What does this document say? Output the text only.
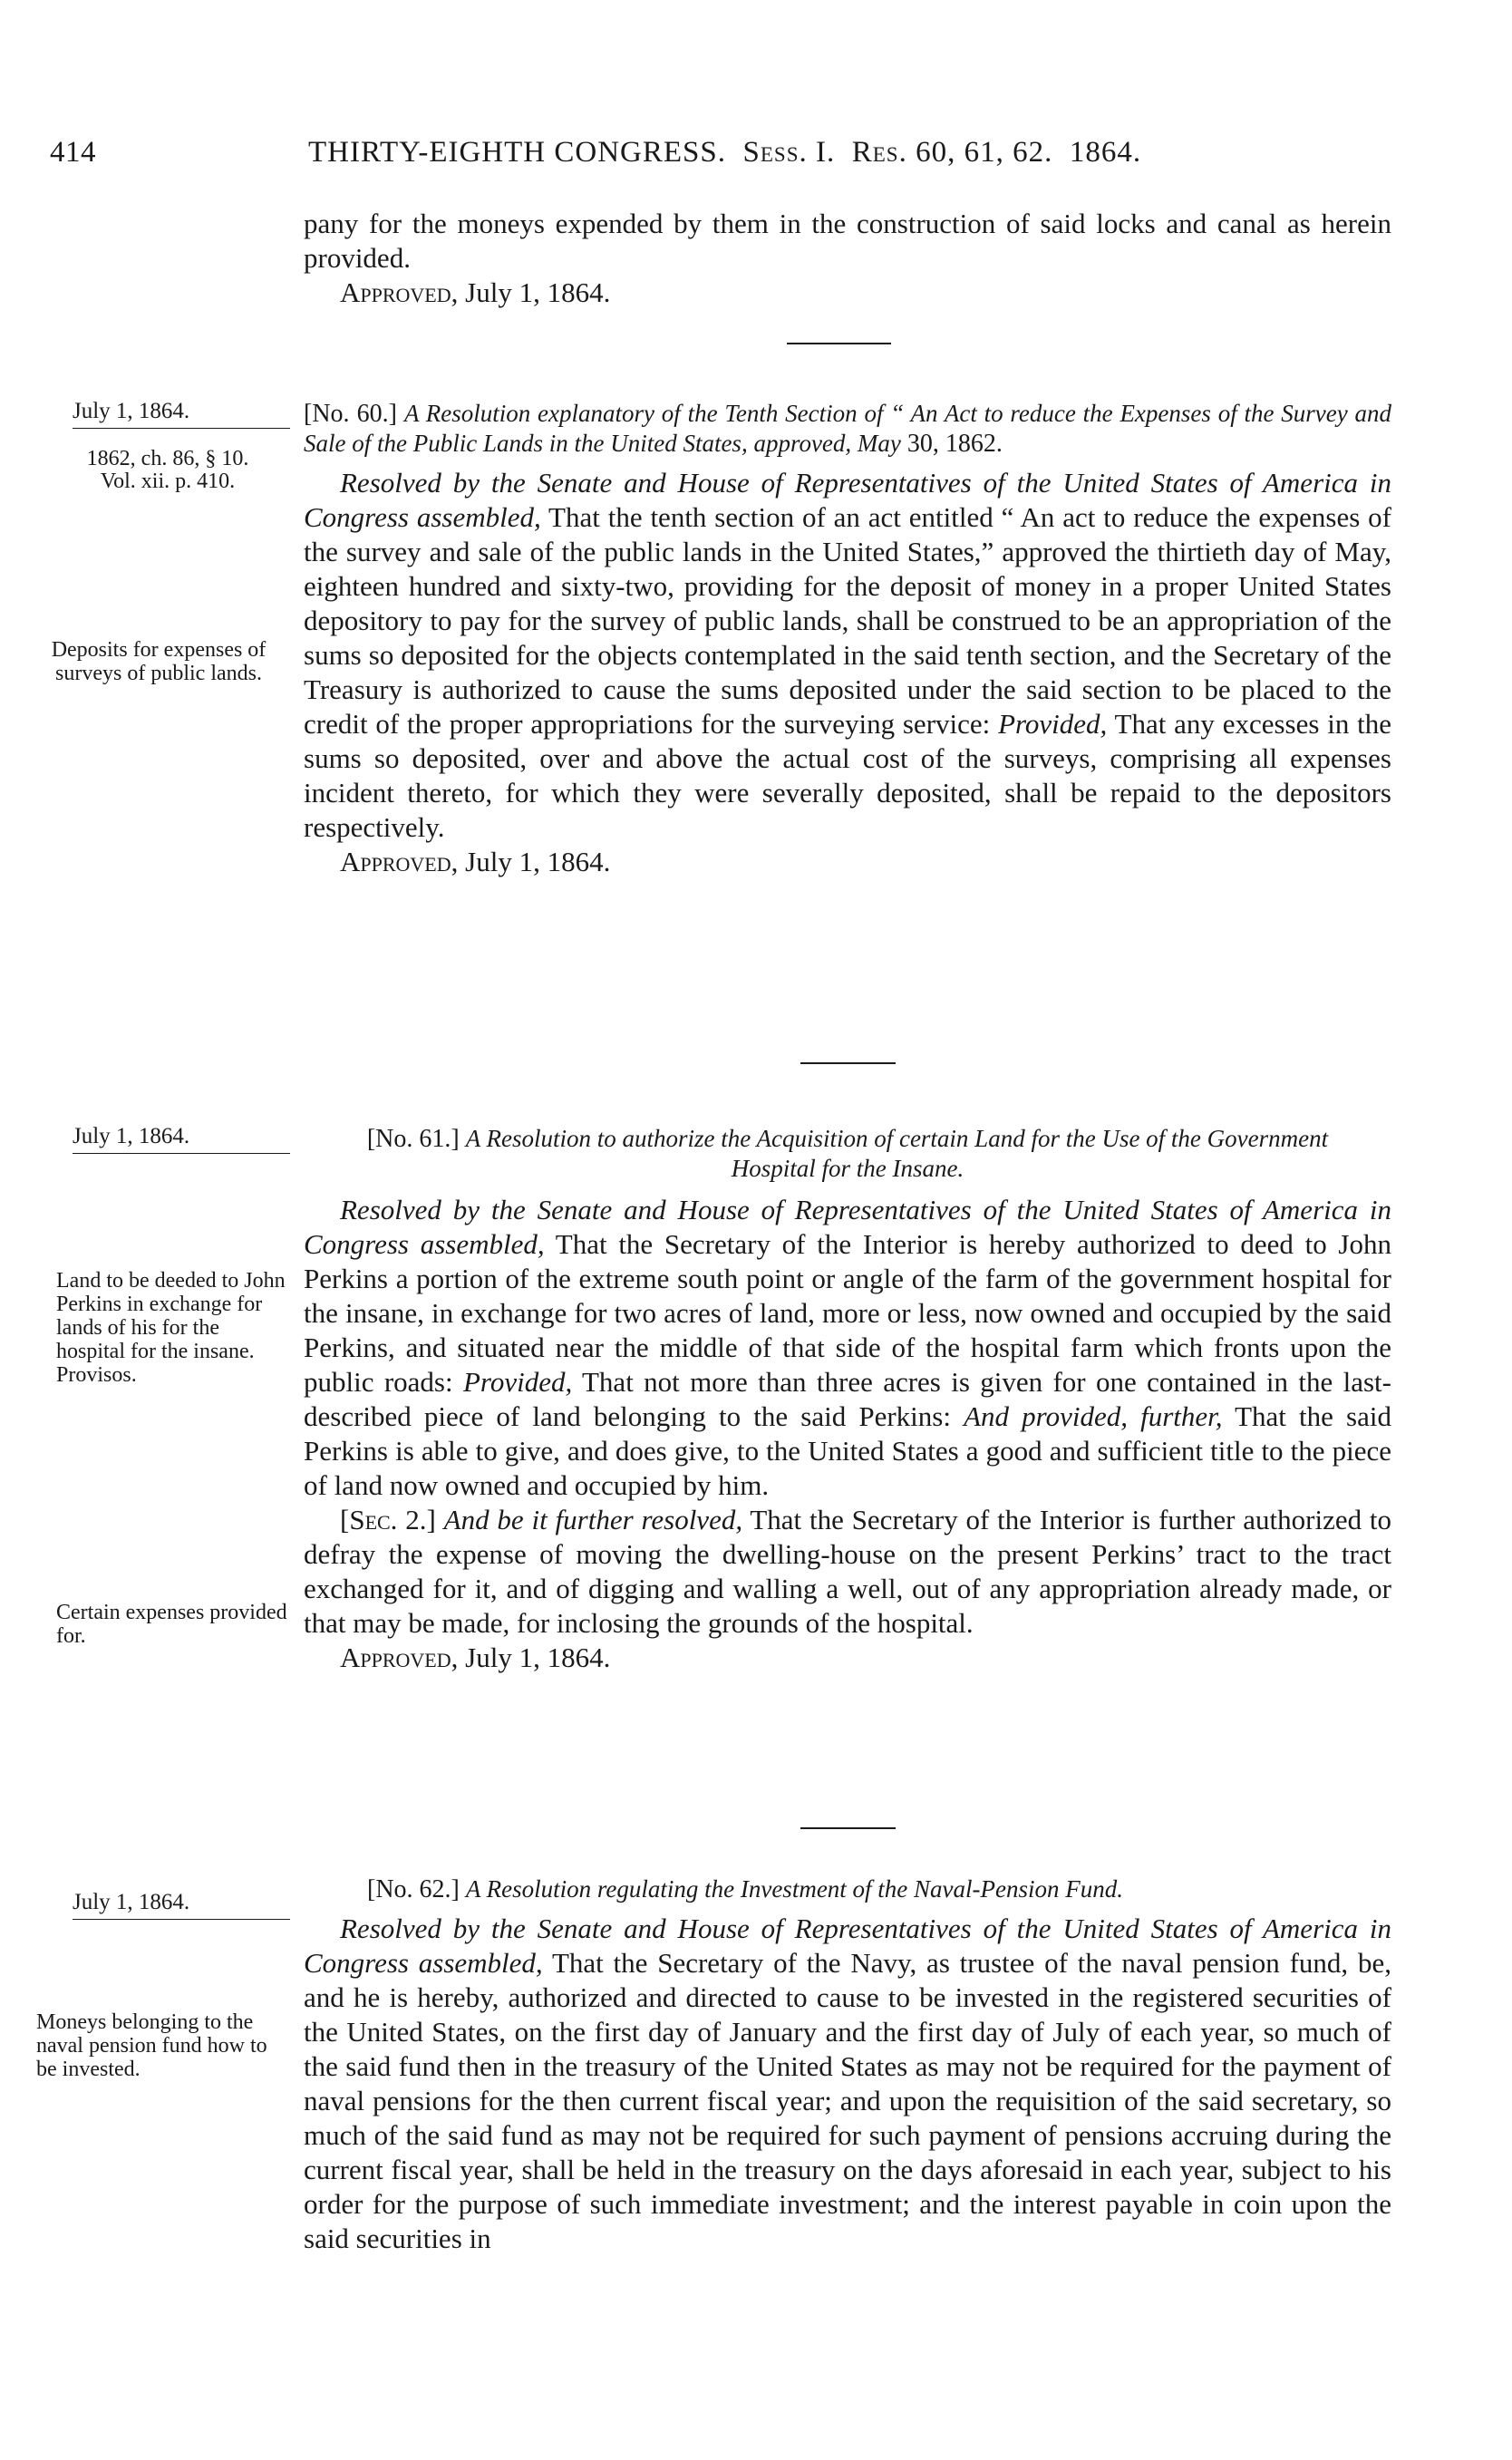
414	THIRTY-EIGHTH CONGRESS. Sess. I. Res. 60, 61, 62. 1864.

pany for the moneys expended by them in the construction of said locks and canal as herein provided.

Approved, July 1, 1864.

July 1, 1864.
1862, ch. 86, § 10.
Vol. xii. p. 410.
Deposits for expenses of surveys of public lands.

[No. 60.] A Resolution explanatory of the Tenth Section of “ An Act to reduce the Expenses of the Survey and Sale of the Public Lands in the United States, approved, May 30, 1862.

Resolved by the Senate and House of Representatives of the United States of America in Congress assembled, That the tenth section of an act entitled “ An act to reduce the expenses of the survey and sale of the public lands in the United States,” approved the thirtieth day of May, eighteen hundred and sixty-two, providing for the deposit of money in a proper United States depository to pay for the survey of public lands, shall be construed to be an appropriation of the sums so deposited for the objects contemplated in the said tenth section, and the Secretary of the Treasury is authorized to cause the sums deposited under the said section to be placed to the credit of the proper appropriations for the surveying service: Provided, That any excesses in the sums so deposited, over and above the actual cost of the surveys, comprising all expenses incident thereto, for which they were severally deposited, shall be repaid to the depositors respectively.

Approved, July 1, 1864.

July 1, 1864.
Land to be deeded to John Perkins in exchange for lands of his for the hospital for the insane.
Provisos.
Certain expenses provided for.

[No. 61.] A Resolution to authorize the Acquisition of certain Land for the Use of the Government Hospital for the Insane.

Resolved by the Senate and House of Representatives of the United States of America in Congress assembled, That the Secretary of the Interior is hereby authorized to deed to John Perkins a portion of the extreme south point or angle of the farm of the government hospital for the insane, in exchange for two acres of land, more or less, now owned and occupied by the said Perkins, and situated near the middle of that side of the hospital farm which fronts upon the public roads: Provided, That not more than three acres is given for one contained in the last-described piece of land belonging to the said Perkins: And provided, further, That the said Perkins is able to give, and does give, to the United States a good and sufficient title to the piece of land now owned and occupied by him.

[Sec. 2.] And be it further resolved, That the Secretary of the Interior is further authorized to defray the expense of moving the dwelling-house on the present Perkins’ tract to the tract exchanged for it, and of digging and walling a well, out of any appropriation already made, or that may be made, for inclosing the grounds of the hospital.

Approved, July 1, 1864.

July 1, 1864.
Moneys belonging to the naval pension fund how to be invested.

[No. 62.] A Resolution regulating the Investment of the Naval-Pension Fund.

Resolved by the Senate and House of Representatives of the United States of America in Congress assembled, That the Secretary of the Navy, as trustee of the naval pension fund, be, and he is hereby, authorized and directed to cause to be invested in the registered securities of the United States, on the first day of January and the first day of July of each year, so much of the said fund then in the treasury of the United States as may not be required for the payment of naval pensions for the then current fiscal year; and upon the requisition of the said secretary, so much of the said fund as may not be required for such payment of pensions accruing during the current fiscal year, shall be held in the treasury on the days aforesaid in each year, subject to his order for the purpose of such immediate investment; and the interest payable in coin upon the said securities in
